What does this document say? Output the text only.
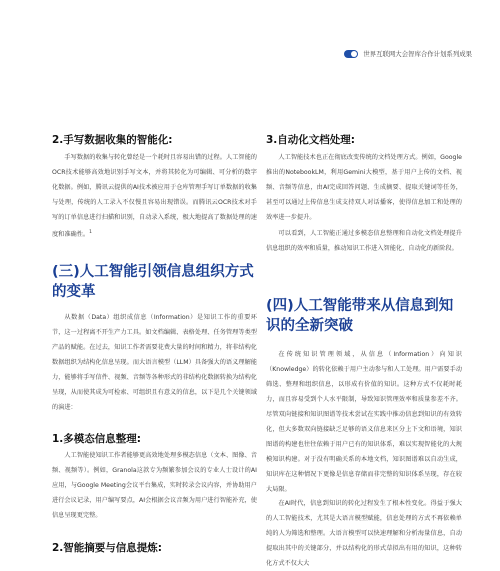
世界互联网大会智库合作计划系列成果
2.手写数据收集的智能化:
手写数据的收集与转化曾经是一个耗时且容易出错的过程。人工智能的OCR技术能够高效地识别手写文本，并将其转化为可编辑、可分析的数字化数据。例如，腾讯云提供的AI技术被应用于仓库管理手写订单数据的收集与处理，传统的人工录入不仅慢且容易出现错误。而腾讯云OCR技术对手写的订单信息进行扫描和识别，自动录入系统，极大地提高了数据处理的速度和准确性。$^1$
(三)人工智能引领信息组织方式的变革
从数据（Data）组织成信息（Information）是知识工作的重要环节，这一过程离不开生产力工具。如文档编辑、表格处理、任务管理等类型产品的赋能。在过去，知识工作者需要花费大量的时间和精力，将非结构化数据组织为结构化信息呈现。而大语言模型（LLM）具备强大的语义理解能力，能够将手写信件、视频、音频等各种形式的非结构化数据转换为结构化呈现，从而使其成为可检索、可组织且有意义的信息，以下是几个关键领域的演进：
1.多模态信息整理:
人工智能使知识工作者能够更高效地处理多模态信息（文本、图像、音频、视频等）。例如，Granola这款专为频繁参加会议的专业人士设计的AI应用，与Google Meeting会议平台集成，实时转录会议内容，并协助用户进行会议记录，用户编写要点，AI会根据会议音频为用户进行智能补充，使信息呈现更完整。
2.智能摘要与信息提炼:
3.自动化文档处理:
人工智能技术也正在彻底改变传统的文档处理方式。例如，Google推出的NotebookLM，利用Gemini大模型，基于用户上传的文档、视频、音频等信息，由AI完成回答问题、生成摘要、提取关键词等任务，甚至可以通过上传信息生成支持双人对话播客，使得信息加工和处理的效率进一步提升。
可以看到，人工智能正通过多模态信息整理和自动化文档处理提升信息组织的效率和质量，推动知识工作进入智能化、自动化的新阶段。
(四)人工智能带来从信息到知识的全新突破
在传统知识管理领域，从信息（Information）向知识（Knowledge）的转化依赖于用户主动参与和人工处理。用户需要手动筛选、整理和组织信息，以形成有价值的知识。这种方式不仅耗时耗力，而且容易受到个人水平限制，导致知识管理效率和质量参差不齐。尽管双向链接和知识图谱等技术尝试在实践中推动信息到知识的有效转化，但大多数双向链接缺乏足够的语义信息来区分上下文和语境，知识图谱的构建也往往依赖于用户已有的知识体系，难以实现智能化的大规模知识构建。对于没有明确关系的本地文档，知识图谱难以自动生成，知识库在这种情况下更像是信息存储而非完整的知识体系呈现，存在较大局限。
在AI时代，信息到知识的转化过程发生了根本性变化。得益于强大的人工智能技术，尤其是大语言模型赋能，信息处理的方式不再依赖单纯的人为筛选和整理。大语言模型可以快速理解和分析海量信息，自动提取出其中的关键部分，并以结构化的形式草拟出有用的知识，这种转化方式不仅大大
